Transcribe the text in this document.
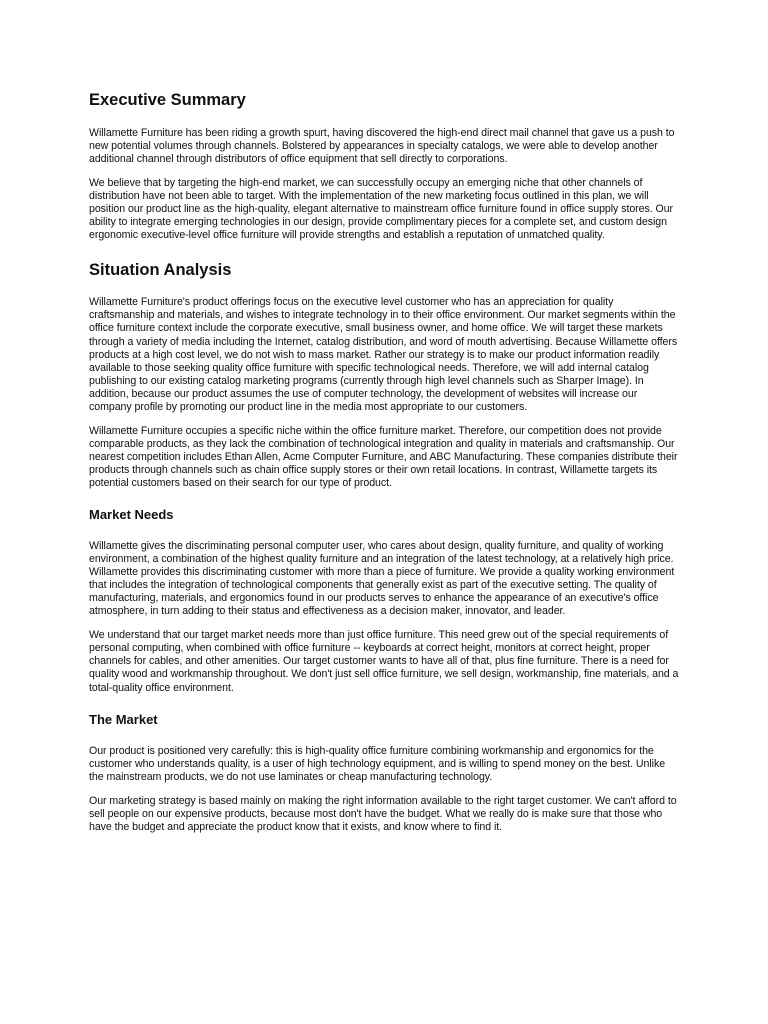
Executive Summary

Willamette Furniture has been riding a growth spurt, having discovered the high-end direct mail channel that gave us a push to new potential volumes through channels. Bolstered by appearances in specialty catalogs, we were able to develop another additional channel through distributors of office equipment that sell directly to corporations.

We believe that by targeting the high-end market, we can successfully occupy an emerging niche that other channels of distribution have not been able to target. With the implementation of the new marketing focus outlined in this plan, we will position our product line as the high-quality, elegant alternative to mainstream office furniture found in office supply stores. Our ability to integrate emerging technologies in our design, provide complimentary pieces for a complete set, and custom design ergonomic executive-level office furniture will provide strengths and establish a reputation of unmatched quality.

Situation Analysis

Willamette Furniture's product offerings focus on the executive level customer who has an appreciation for quality craftsmanship and materials, and wishes to integrate technology in to their office environment. Our market segments within the office furniture context include the corporate executive, small business owner, and home office. We will target these markets through a variety of media including the Internet, catalog distribution, and word of mouth advertising. Because Willamette offers products at a high cost level, we do not wish to mass market. Rather our strategy is to make our product information readily available to those seeking quality office furniture with specific technological needs. Therefore, we will add internal catalog publishing to our existing catalog marketing programs (currently through high level channels such as Sharper Image). In addition, because our product assumes the use of computer technology, the development of websites will increase our company profile by promoting our product line in the media most appropriate to our customers.

Willamette Furniture occupies a specific niche within the office furniture market. Therefore, our competition does not provide comparable products, as they lack the combination of technological integration and quality in materials and craftsmanship. Our nearest competition includes Ethan Allen, Acme Computer Furniture, and ABC Manufacturing. These companies distribute their products through channels such as chain office supply stores or their own retail locations. In contrast, Willamette targets its potential customers based on their search for our type of product.

Market Needs

Willamette gives the discriminating personal computer user, who cares about design, quality furniture, and quality of working environment, a combination of the highest quality furniture and an integration of the latest technology, at a relatively high price. Willamette provides this discriminating customer with more than a piece of furniture. We provide a quality working environment that includes the integration of technological components that generally exist as part of the executive setting. The quality of manufacturing, materials, and ergonomics found in our products serves to enhance the appearance of an executive's office atmosphere, in turn adding to their status and effectiveness as a decision maker, innovator, and leader.

We understand that our target market needs more than just office furniture. This need grew out of the special requirements of personal computing, when combined with office furniture -- keyboards at correct height, monitors at correct height, proper channels for cables, and other amenities. Our target customer wants to have all of that, plus fine furniture. There is a need for quality wood and workmanship throughout. We don't just sell office furniture, we sell design, workmanship, fine materials, and a total-quality office environment.

The Market

Our product is positioned very carefully: this is high-quality office furniture combining workmanship and ergonomics for the customer who understands quality, is a user of high technology equipment, and is willing to spend money on the best. Unlike the mainstream products, we do not use laminates or cheap manufacturing technology.

Our marketing strategy is based mainly on making the right information available to the right target customer. We can't afford to sell people on our expensive products, because most don't have the budget. What we really do is make sure that those who have the budget and appreciate the product know that it exists, and know where to find it.
